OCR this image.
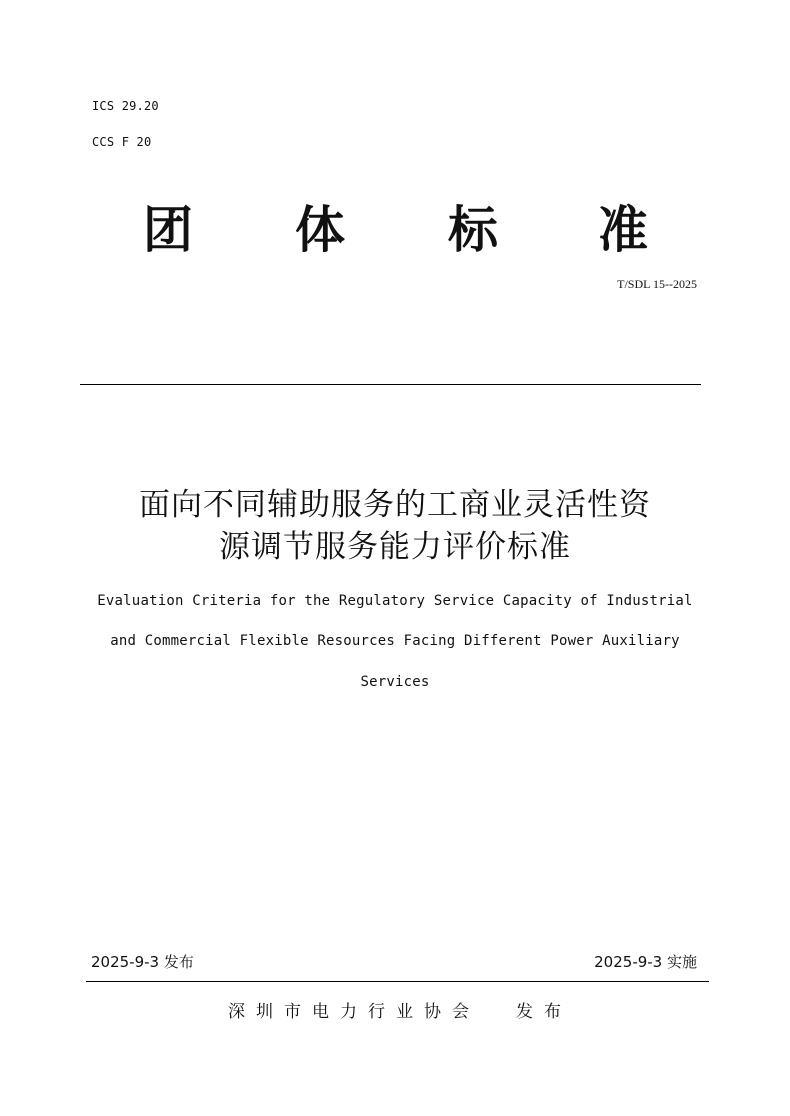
ICS 29.20
CCS F 20
团 体 标 准
T/SDL 15--2025
面向不同辅助服务的工商业灵活性资
源调节服务能力评价标准
Evaluation Criteria for the Regulatory Service Capacity of Industrial
and Commercial Flexible Resources Facing Different Power Auxiliary
Services
2025-9-3 发布	2025-9-3 实施
深圳市电力行业协会 发布
